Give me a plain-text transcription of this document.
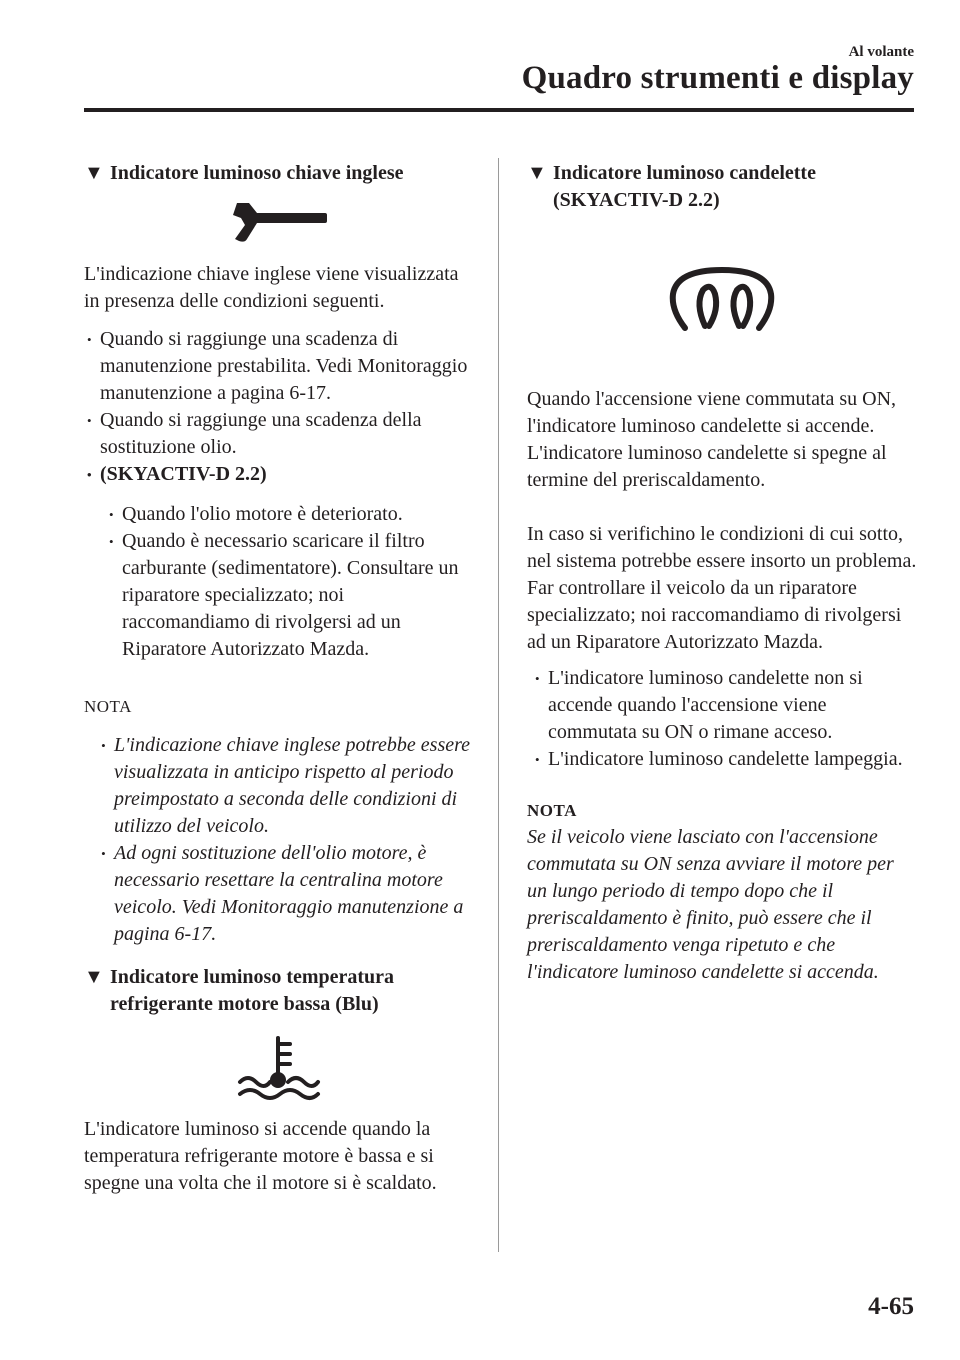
Al volante
Quadro strumenti e display
▼ Indicatore luminoso chiave inglese

L'indicazione chiave inglese viene visualizzata in presenza delle condizioni seguenti.

• Quando si raggiunge una scadenza di manutenzione prestabilita. Vedi Monitoraggio manutenzione a pagina 6-17.
• Quando si raggiunge una scadenza della sostituzione olio.
• (SKYACTIV-D 2.2)
• Quando l'olio motore è deteriorato.
• Quando è necessario scaricare il filtro carburante (sedimentatore). Consultare un riparatore specializzato; noi raccomandiamo di rivolgersi ad un Riparatore Autorizzato Mazda.

NOTA

• L'indicazione chiave inglese potrebbe essere visualizzata in anticipo rispetto al periodo preimpostato a seconda delle condizioni di utilizzo del veicolo.
• Ad ogni sostituzione dell'olio motore, è necessario resettare la centralina motore veicolo. Vedi Monitoraggio manutenzione a pagina 6-17.
▼ Indicatore luminoso temperatura refrigerante motore bassa (Blu)

L'indicatore luminoso si accende quando la temperatura refrigerante motore è bassa e si spegne una volta che il motore si è scaldato.

▼ Indicatore luminoso candelette (SKYACTIV-D 2.2)

Quando l'accensione viene commutata su ON, l'indicatore luminoso candelette si accende. L'indicatore luminoso candelette si spegne al termine del preriscaldamento.

In caso si verifichino le condizioni di cui sotto, nel sistema potrebbe essere insorto un problema. Far controllare il veicolo da un riparatore specializzato; noi raccomandiamo di rivolgersi ad un Riparatore Autorizzato Mazda.

• L'indicatore luminoso candelette non si accende quando l'accensione viene commutata su ON o rimane acceso.
• L'indicatore luminoso candelette lampeggia.

NOTA

Se il veicolo viene lasciato con l'accensione commutata su ON senza avviare il motore per un lungo periodo di tempo dopo che il preriscaldamento è finito, può essere che il preriscaldamento venga ripetuto e che l'indicatore luminoso candelette si accenda.

4-65
